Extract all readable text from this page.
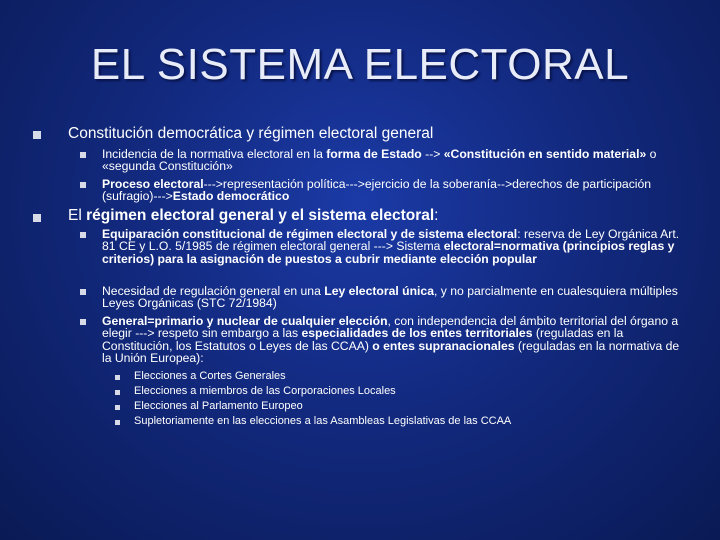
EL SISTEMA ELECTORAL
Constitución democrática y régimen electoral general
Incidencia de la normativa electoral en la forma de Estado --> «Constitución en sentido material» o «segunda Constitución»
Proceso electoral--->representación política--->ejercicio de la soberanía-->derechos de participación (sufragio)--->Estado democrático
El régimen electoral general y el sistema electoral:
Equiparación constitucional de régimen electoral y de sistema electoral: reserva de Ley Orgánica Art. 81 CE y L.O. 5/1985 de régimen electoral general ---> Sistema electoral=normativa (principios reglas y criterios) para la asignación de puestos a cubrir mediante elección popular
Necesidad de regulación general en una Ley electoral única, y no parcialmente en cualesquiera múltiples Leyes Orgánicas (STC 72/1984)
General=primario y nuclear de cualquier elección, con independencia del ámbito territorial del órgano a elegir ---> respeto sin embargo a las especialidades de los entes territoriales (reguladas en la Constitución, los Estatutos o Leyes de las CCAA) o entes supranacionales (reguladas en la normativa de la Unión Europea):
Elecciones a Cortes Generales
Elecciones a miembros de las Corporaciones Locales
Elecciones al Parlamento Europeo
Supletoriamente en las elecciones a las Asambleas Legislativas de las CCAA
